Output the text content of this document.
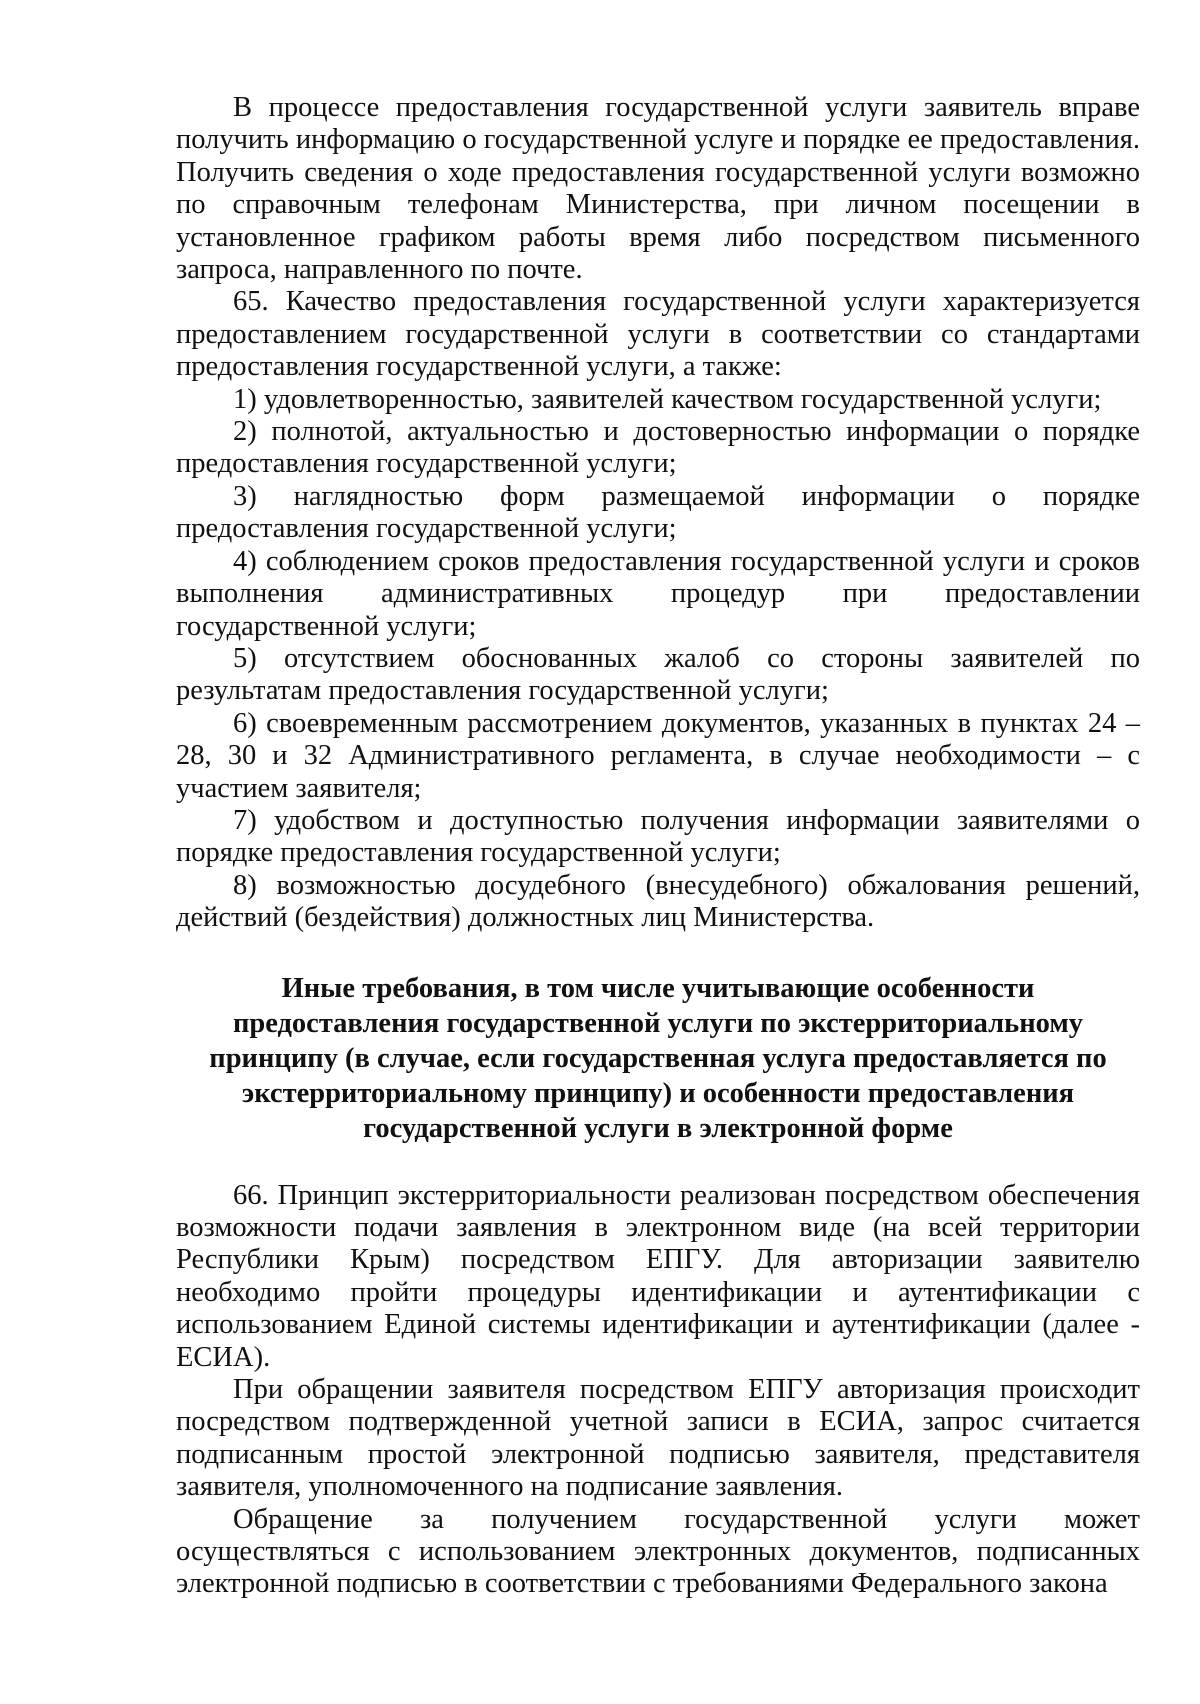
В процессе предоставления государственной услуги заявитель вправе получить информацию о государственной услуге и порядке ее предоставления. Получить сведения о ходе предоставления государственной услуги возможно по справочным телефонам Министерства, при личном посещении в установленное графиком работы время либо посредством письменного запроса, направленного по почте.

65. Качество предоставления государственной услуги характеризуется предоставлением государственной услуги в соответствии со стандартами предоставления государственной услуги, а также:

1) удовлетворенностью, заявителей качеством государственной услуги;

2) полнотой, актуальностью и достоверностью информации о порядке предоставления государственной услуги;

3) наглядностью форм размещаемой информации о порядке предоставления государственной услуги;

4) соблюдением сроков предоставления государственной услуги и сроков выполнения административных процедур при предоставлении государственной услуги;

5) отсутствием обоснованных жалоб со стороны заявителей по результатам предоставления государственной услуги;

6) своевременным рассмотрением документов, указанных в пунктах 24 – 28, 30 и 32 Административного регламента, в случае необходимости – с участием заявителя;

7) удобством и доступностью получения информации заявителями о порядке предоставления государственной услуги;

8) возможностью досудебного (внесудебного) обжалования решений, действий (бездействия) должностных лиц Министерства.

Иные требования, в том числе учитывающие особенности предоставления государственной услуги по экстерриториальному принципу (в случае, если государственная услуга предоставляется по экстерриториальному принципу) и особенности предоставления государственной услуги в электронной форме

66. Принцип экстерриториальности реализован посредством обеспечения возможности подачи заявления в электронном виде (на всей территории Республики Крым) посредством ЕПГУ. Для авторизации заявителю необходимо пройти процедуры идентификации и аутентификации с использованием Единой системы идентификации и аутентификации (далее - ЕСИА).

При обращении заявителя посредством ЕПГУ авторизация происходит посредством подтвержденной учетной записи в ЕСИА, запрос считается подписанным простой электронной подписью заявителя, представителя заявителя, уполномоченного на подписание заявления.

Обращение за получением государственной услуги может осуществляться с использованием электронных документов, подписанных электронной подписью в соответствии с требованиями Федерального закона
